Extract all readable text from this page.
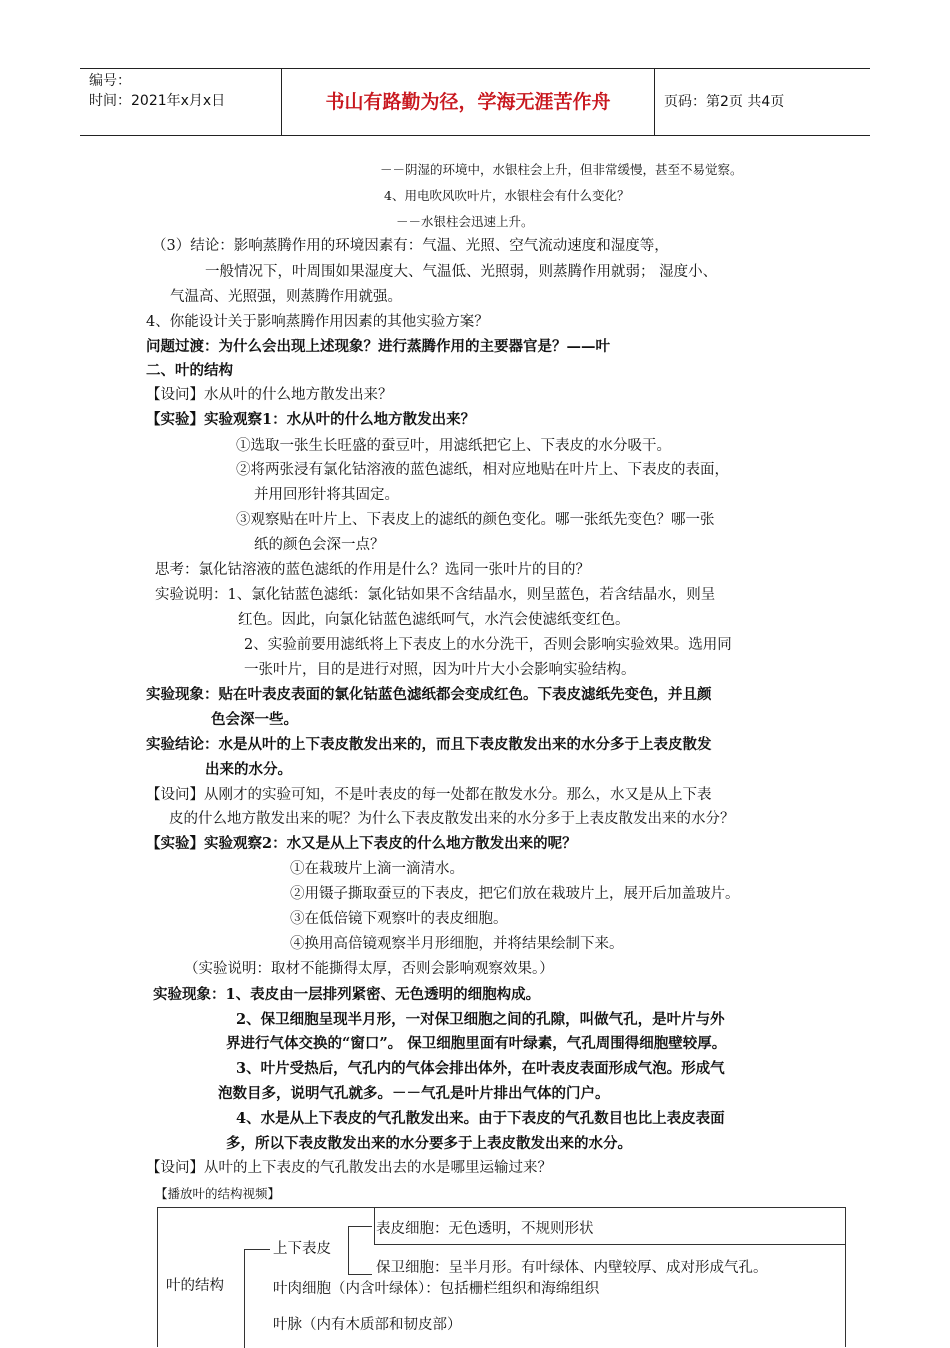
编号：
时间：2021年x月x日	书山有路勤为径，学海无涯苦作舟	页码：第2页 共4页
－－阴湿的环境中，水银柱会上升，但非常缓慢，甚至不易觉察。
4、用电吹风吹叶片，水银柱会有什么变化？
－－水银柱会迅速上升。
（3）结论：影响蒸腾作用的环境因素有：气温、光照、空气流动速度和湿度等，
一般情况下，叶周围如果湿度大、气温低、光照弱，则蒸腾作用就弱； 湿度小、
气温高、光照强，则蒸腾作用就强。
4、你能设计关于影响蒸腾作用因素的其他实验方案？
问题过渡：为什么会出现上述现象？进行蒸腾作用的主要器官是？——叶
二、叶的结构
【设问】水从叶的什么地方散发出来？
【实验】实验观察1：水从叶的什么地方散发出来？
①选取一张生长旺盛的蚕豆叶，用滤纸把它上、下表皮的水分吸干。
②将两张浸有氯化钴溶液的蓝色滤纸，相对应地贴在叶片上、下表皮的表面，
并用回形针将其固定。
③观察贴在叶片上、下表皮上的滤纸的颜色变化。哪一张纸先变色？哪一张
纸的颜色会深一点？
思考：氯化钴溶液的蓝色滤纸的作用是什么？选同一张叶片的目的？
实验说明：1、氯化钴蓝色滤纸：氯化钴如果不含结晶水，则呈蓝色，若含结晶水，则呈
红色。因此，向氯化钴蓝色滤纸呵气，水汽会使滤纸变红色。
2、实验前要用滤纸将上下表皮上的水分洗干，否则会影响实验效果。选用同
一张叶片，目的是进行对照，因为叶片大小会影响实验结构。
实验现象：贴在叶表皮表面的氯化钴蓝色滤纸都会变成红色。下表皮滤纸先变色，并且颜
色会深一些。
实验结论：水是从叶的上下表皮散发出来的，而且下表皮散发出来的水分多于上表皮散发
出来的水分。
【设问】从刚才的实验可知，不是叶表皮的每一处都在散发水分。那么，水又是从上下表
皮的什么地方散发出来的呢？为什么下表皮散发出来的水分多于上表皮散发出来的水分？
【实验】实验观察2：水又是从上下表皮的什么地方散发出来的呢？
①在栽玻片上滴一滴清水。
②用镊子撕取蚕豆的下表皮，把它们放在栽玻片上，展开后加盖玻片。
③在低倍镜下观察叶的表皮细胞。
④换用高倍镜观察半月形细胞，并将结果绘制下来。
（实验说明：取材不能撕得太厚，否则会影响观察效果。）
实验现象：1、表皮由一层排列紧密、无色透明的细胞构成。
2、保卫细胞呈现半月形，一对保卫细胞之间的孔隙，叫做气孔，是叶片与外
界进行气体交换的“窗口”。 保卫细胞里面有叶绿素，气孔周围得细胞壁较厚。
3、叶片受热后，气孔内的气体会排出体外，在叶表皮表面形成气泡。形成气
泡数目多，说明气孔就多。－－气孔是叶片排出气体的门户。
4、水是从上下表皮的气孔散发出来。由于下表皮的气孔数目也比上表皮表面
多，所以下表皮散发出来的水分要多于上表皮散发出来的水分。
【设问】从叶的上下表皮的气孔散发出去的水是哪里运输过来？
【播放叶的结构视频】
叶的结构
上下表皮
表皮细胞：无色透明，不规则形状
保卫细胞：呈半月形。有叶绿体、内壁较厚、成对形成气孔。
叶肉细胞（内含叶绿体）：包括栅栏组织和海绵组织
叶脉（内有木质部和韧皮部）
